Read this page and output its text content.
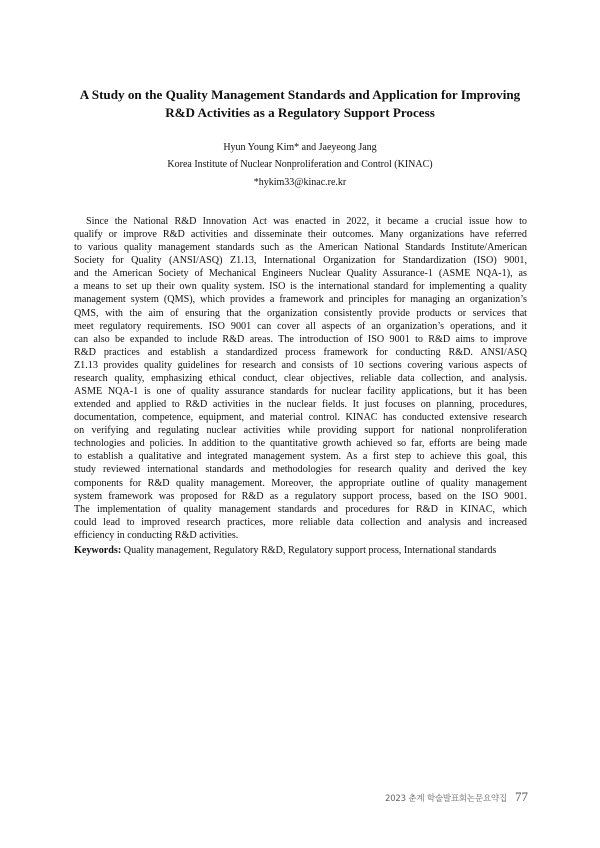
A Study on the Quality Management Standards and Application for Improving
R&D Activities as a Regulatory Support Process

Hyun Young Kim* and Jaeyeong Jang

Korea Institute of Nuclear Nonproliferation and Control (KINAC)

*hykim33@kinac.re.kr

Since the National R&D Innovation Act was enacted in 2022, it became a crucial issue how to
qualify or improve R&D activities and disseminate their outcomes. Many organizations have referred
to various quality management standards such as the American National Standards Institute/American
Society for Quality (ANSI/ASQ) Z1.13, International Organization for Standardization (ISO) 9001,
and the American Society of Mechanical Engineers Nuclear Quality Assurance-1 (ASME NQA-1), as
a means to set up their own quality system. ISO is the international standard for implementing a quality
management system (QMS), which provides a framework and principles for managing an organization’s
QMS, with the aim of ensuring that the organization consistently provide products or services that
meet regulatory requirements. ISO 9001 can cover all aspects of an organization’s operations, and it
can also be expanded to include R&D areas. The introduction of ISO 9001 to R&D aims to improve
R&D practices and establish a standardized process framework for conducting R&D. ANSI/ASQ
Z1.13 provides quality guidelines for research and consists of 10 sections covering various aspects of
research quality, emphasizing ethical conduct, clear objectives, reliable data collection, and analysis.
ASME NQA-1 is one of quality assurance standards for nuclear facility applications, but it has been
extended and applied to R&D activities in the nuclear fields. It just focuses on planning, procedures,
documentation, competence, equipment, and material control. KINAC has conducted extensive research
on verifying and regulating nuclear activities while providing support for national nonproliferation
technologies and policies. In addition to the quantitative growth achieved so far, efforts are being made
to establish a qualitative and integrated management system. As a first step to achieve this goal, this
study reviewed international standards and methodologies for research quality and derived the key
components for R&D quality management. Moreover, the appropriate outline of quality management
system framework was proposed for R&D as a regulatory support process, based on the ISO 9001.
The implementation of quality management standards and procedures for R&D in KINAC, which
could lead to improved research practices, more reliable data collection and analysis and increased
efficiency in conducting R&D activities.

Keywords: Quality management, Regulatory R&D, Regulatory support process, International standards

2023 춘계 학술발표회논문요약집 77
